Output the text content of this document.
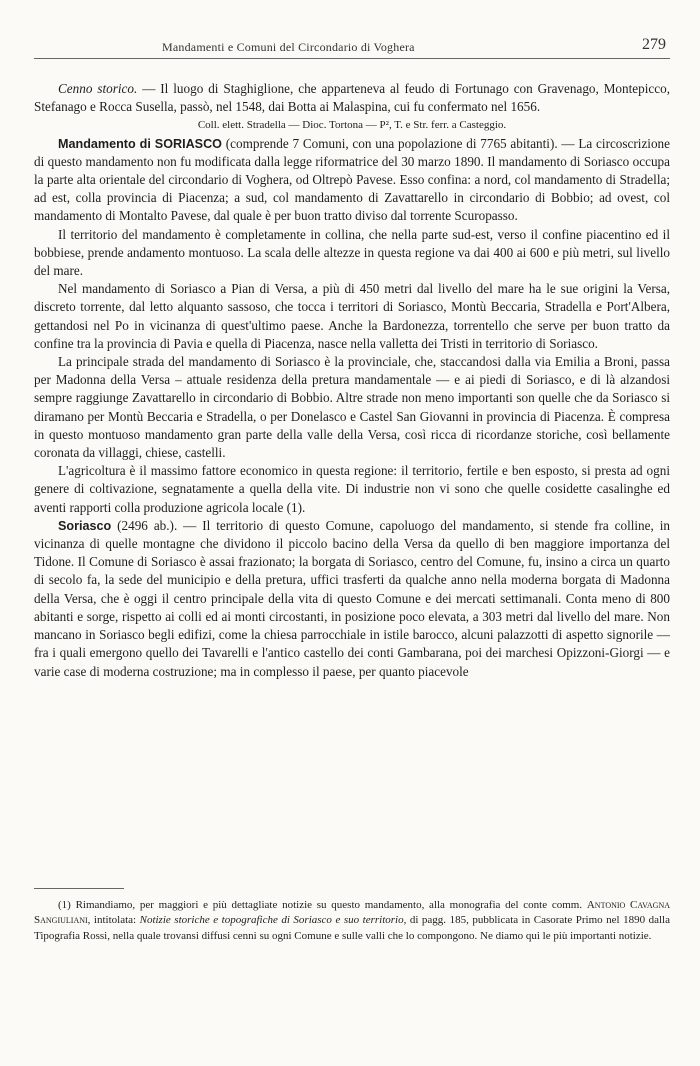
Mandamenti e Comuni del Circondario di Voghera	279

Cenno storico. — Il luogo di Staghiglione, che apparteneva al feudo di Fortunago con Gravenago, Montepicco, Stefanago e Rocca Susella, passò, nel 1548, dai Botta ai Malaspina, cui fu confermato nel 1656.

Coll. elett. Stradella — Dioc. Tortona — P², T. e Str. ferr. a Casteggio.

Mandamento di SORIASCO (comprende 7 Comuni, con una popolazione di 7765 abitanti). — La circoscrizione di questo mandamento non fu modificata dalla legge riformatrice del 30 marzo 1890. Il mandamento di Soriasco occupa la parte alta orientale del circondario di Voghera, od Oltrepò Pavese. Esso confina: a nord, col mandamento di Stradella; ad est, colla provincia di Piacenza; a sud, col mandamento di Zavattarello in circondario di Bobbio; ad ovest, col mandamento di Montalto Pavese, dal quale è per buon tratto diviso dal torrente Scuropasso.

Il territorio del mandamento è completamente in collina, che nella parte sud-est, verso il confine piacentino ed il bobbiese, prende andamento montuoso. La scala delle altezze in questa regione va dai 400 ai 600 e più metri, sul livello del mare.

Nel mandamento di Soriasco a Pian di Versa, a più di 450 metri dal livello del mare ha le sue origini la Versa, discreto torrente, dal letto alquanto sassoso, che tocca i territori di Soriasco, Montù Beccaria, Stradella e Port'Albera, gettandosi nel Po in vicinanza di quest'ultimo paese. Anche la Bardonezza, torrentello che serve per buon tratto da confine tra la provincia di Pavia e quella di Piacenza, nasce nella valletta dei Tristi in territorio di Soriasco.

La principale strada del mandamento di Soriasco è la provinciale, che, staccandosi dalla via Emilia a Broni, passa per Madonna della Versa – attuale residenza della pretura mandamentale — e ai piedi di Soriasco, e di là alzandosi sempre raggiunge Zavattarello in circondario di Bobbio. Altre strade non meno importanti son quelle che da Soriasco si diramano per Montù Beccaria e Stradella, o per Donelasco e Castel San Giovanni in provincia di Piacenza. È compresa in questo montuoso mandamento gran parte della valle della Versa, così ricca di ricordanze storiche, così bellamente coronata da villaggi, chiese, castelli.

L'agricoltura è il massimo fattore economico in questa regione: il territorio, fertile e ben esposto, si presta ad ogni genere di coltivazione, segnatamente a quella della vite. Di industrie non vi sono che quelle cosidette casalinghe ed aventi rapporti colla produzione agricola locale (1).

Soriasco (2496 ab.). — Il territorio di questo Comune, capoluogo del mandamento, si stende fra colline, in vicinanza di quelle montagne che dividono il piccolo bacino della Versa da quello di ben maggiore importanza del Tidone. Il Comune di Soriasco è assai frazionato; la borgata di Soriasco, centro del Comune, fu, insino a circa un quarto di secolo fa, la sede del municipio e della pretura, uffici trasferti da qualche anno nella moderna borgata di Madonna della Versa, che è oggi il centro principale della vita di questo Comune e dei mercati settimanali. Conta meno di 800 abitanti e sorge, rispetto ai colli ed ai monti circostanti, in posizione poco elevata, a 303 metri dal livello del mare. Non mancano in Soriasco begli edifizi, come la chiesa parrocchiale in istile barocco, alcuni palazzotti di aspetto signorile — fra i quali emergono quello dei Tavarelli e l'antico castello dei conti Gambarana, poi dei marchesi Opizzoni-Giorgi — e varie case di moderna costruzione; ma in complesso il paese, per quanto piacevole

(1) Rimandiamo, per maggiori e più dettagliate notizie su questo mandamento, alla monografia del conte comm. Antonio Cavagna Sangiuliani, intitolata: Notizie storiche e topografiche di Soriasco e suo territorio, di pagg. 185, pubblicata in Casorate Primo nel 1890 dalla Tipografia Rossi, nella quale trovansi diffusi cenni su ogni Comune e sulle valli che lo compongono. Ne diamo qui le più importanti notizie.
